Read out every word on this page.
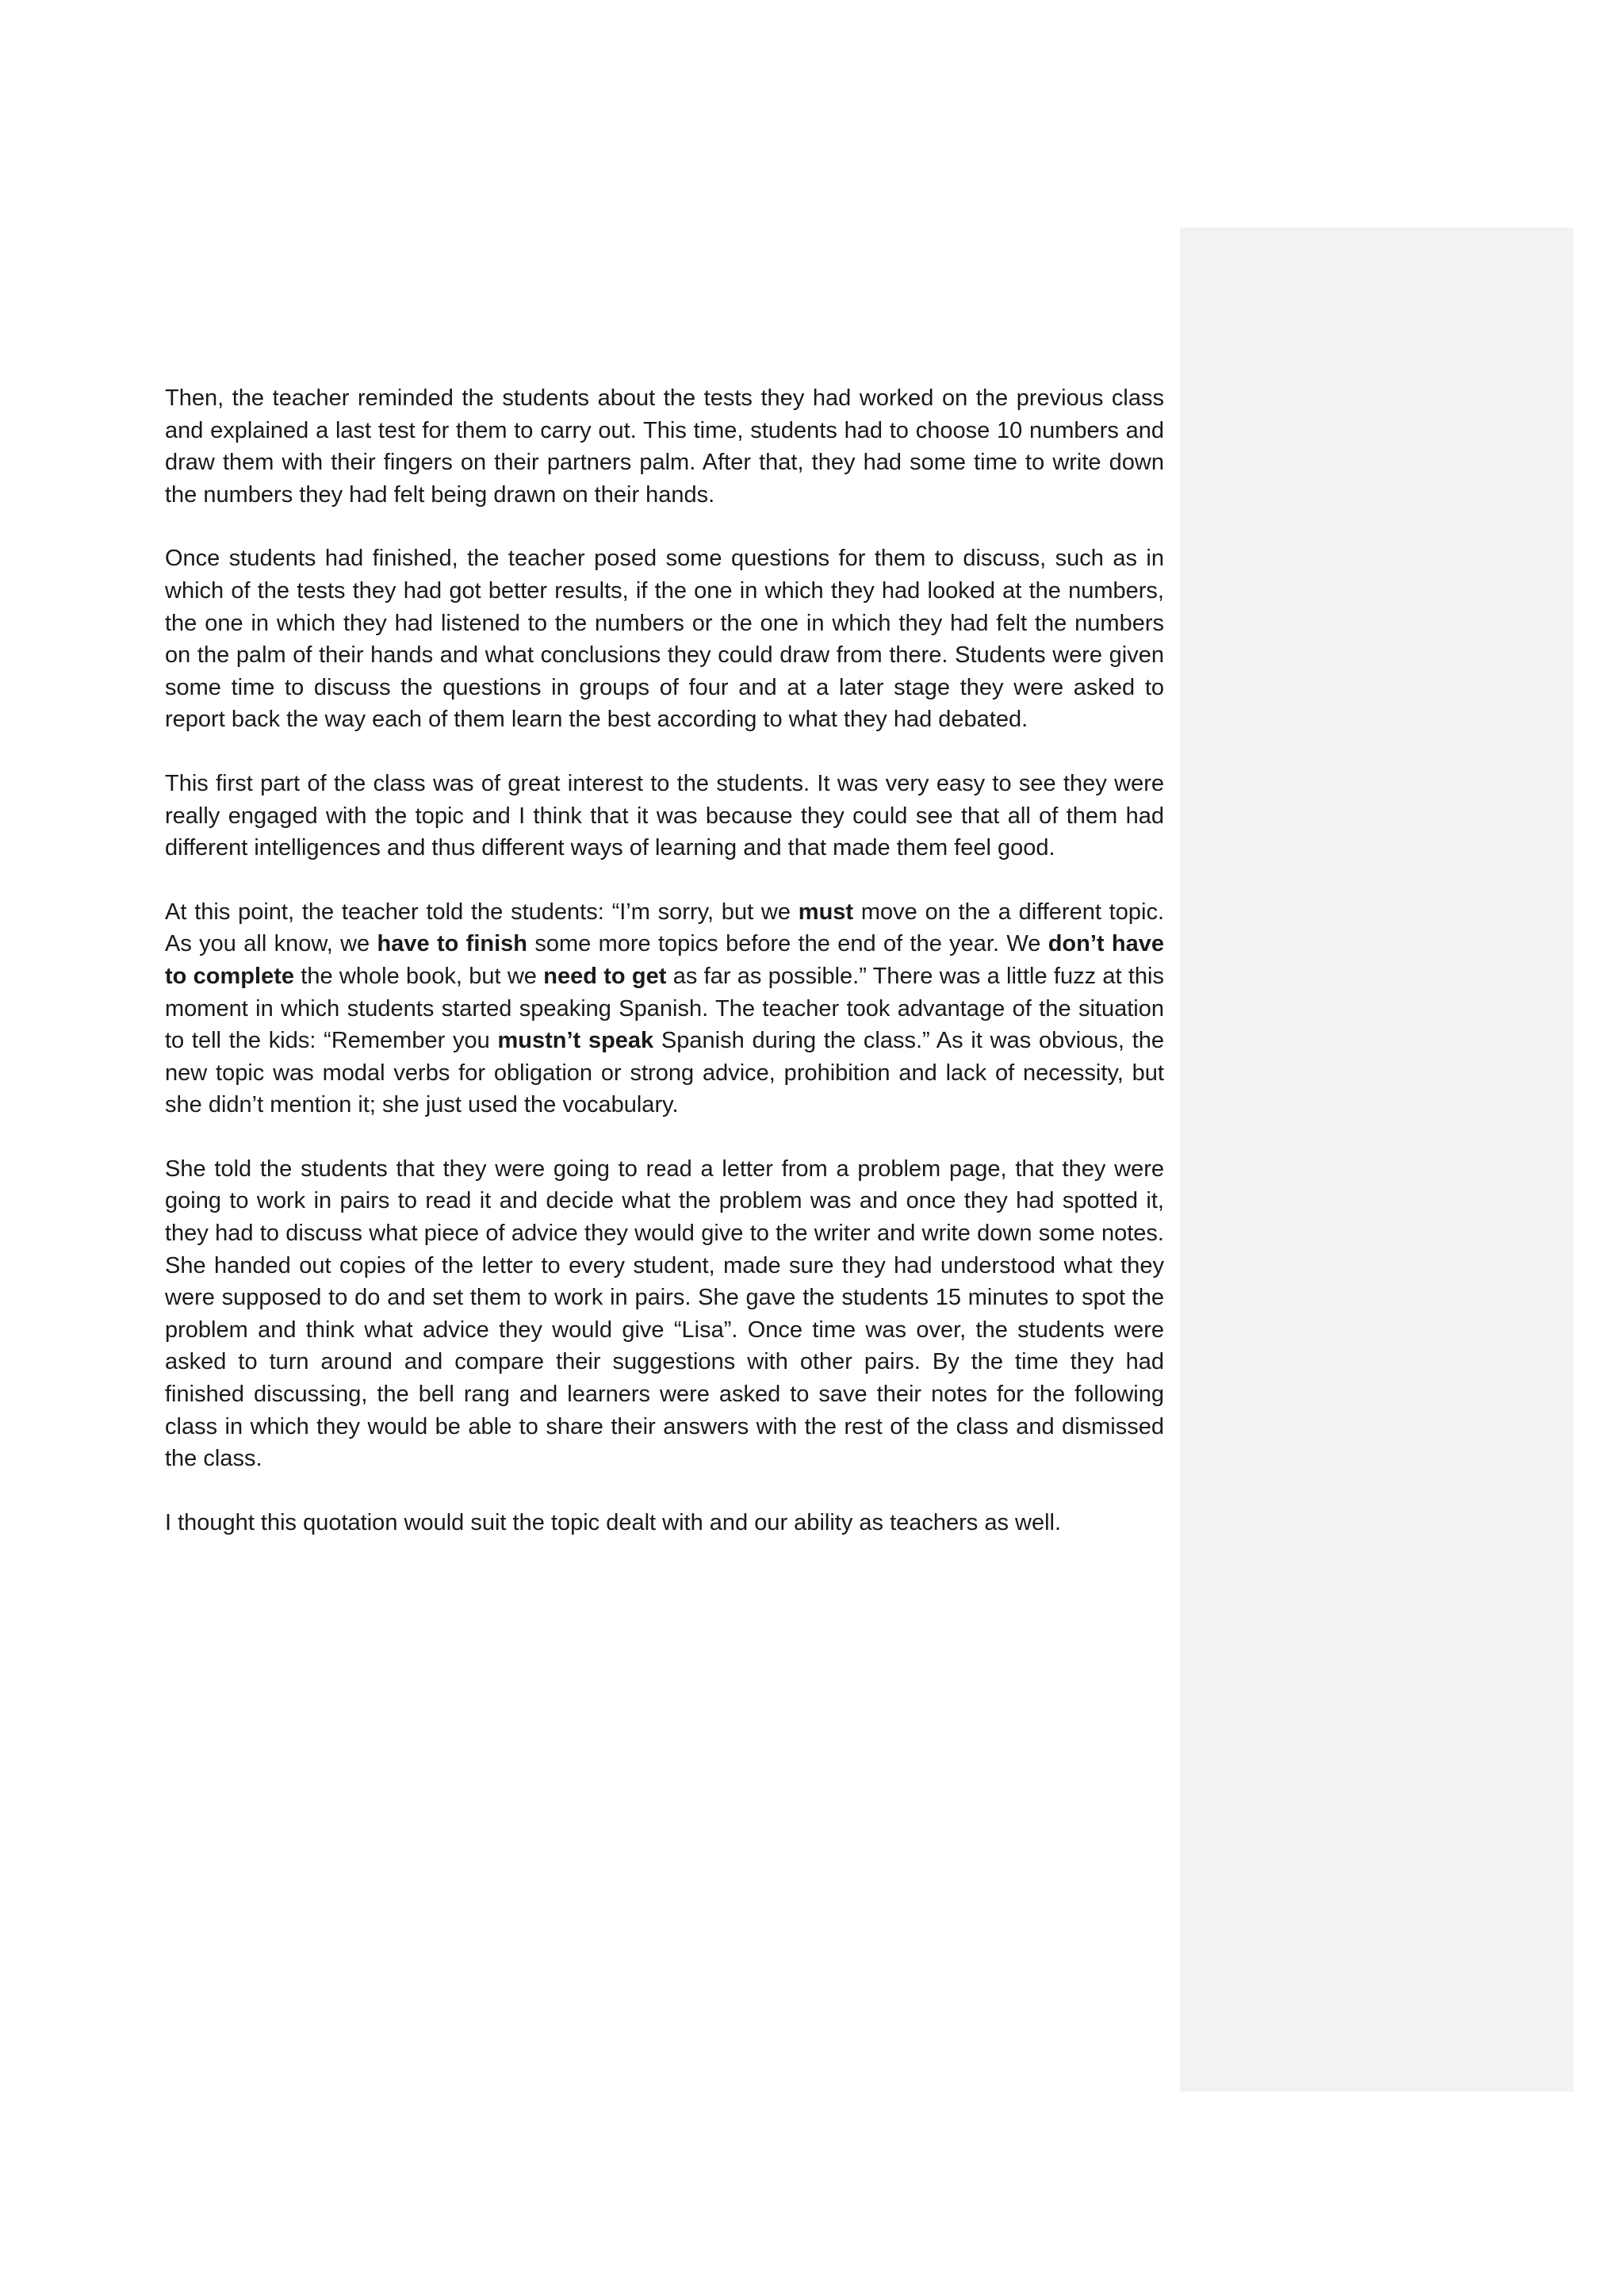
Then, the teacher reminded the students about the tests they had worked on the previous class and explained a last test for them to carry out. This time, students had to choose 10 numbers and draw them with their fingers on their partners palm. After that, they had some time to write down the numbers they had felt being drawn on their hands.

Once students had finished, the teacher posed some questions for them to discuss, such as in which of the tests they had got better results, if the one in which they had looked at the numbers, the one in which they had listened to the numbers or the one in which they had felt the numbers on the palm of their hands and what conclusions they could draw from there. Students were given some time to discuss the questions in groups of four and at a later stage they were asked to report back the way each of them learn the best according to what they had debated.

This first part of the class was of great interest to the students. It was very easy to see they were really engaged with the topic and I think that it was because they could see that all of them had different intelligences and thus different ways of learning and that made them feel good.

At this point, the teacher told the students: “I’m sorry, but we must move on the a different topic. As you all know, we have to finish some more topics before the end of the year. We don’t have to complete the whole book, but we need to get as far as possible.” There was a little fuzz at this moment in which students started speaking Spanish. The teacher took advantage of the situation to tell the kids: “Remember you mustn’t speak Spanish during the class.” As it was obvious, the new topic was modal verbs for obligation or strong advice, prohibition and lack of necessity, but she didn’t mention it; she just used the vocabulary.

She told the students that they were going to read a letter from a problem page, that they were going to work in pairs to read it and decide what the problem was and once they had spotted it, they had to discuss what piece of advice they would give to the writer and write down some notes. She handed out copies of the letter to every student, made sure they had understood what they were supposed to do and set them to work in pairs. She gave the students 15 minutes to spot the problem and think what advice they would give “Lisa”. Once time was over, the students were asked to turn around and compare their suggestions with other pairs. By the time they had finished discussing, the bell rang and learners were asked to save their notes for the following class in which they would be able to share their answers with the rest of the class and dismissed the class.

I thought this quotation would suit the topic dealt with and our ability as teachers as well.
